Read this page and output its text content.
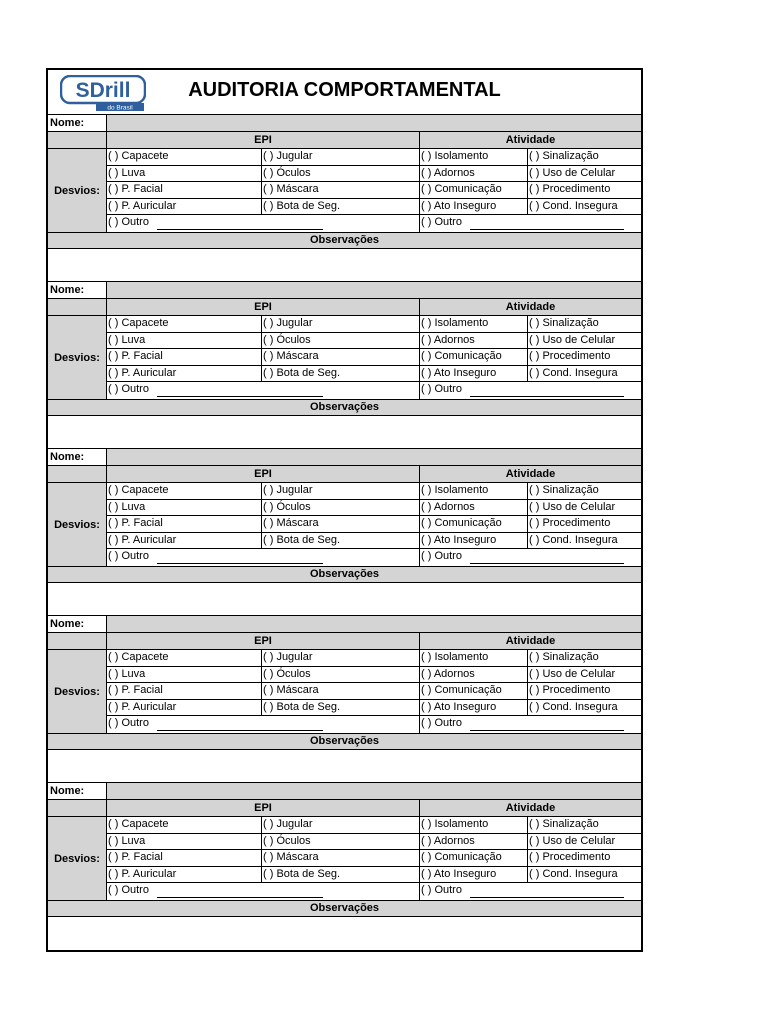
SDrill
do Brasil
AUDITORIA COMPORTAMENTAL
Nome:
EPI	Atividade
Desvios:
( ) Capacete	( ) Jugular	( ) Isolamento	( ) Sinalização
( ) Luva	( ) Óculos	( ) Adornos	( ) Uso de Celular
( ) P. Facial	( ) Máscara	( ) Comunicação	( ) Procedimento
( ) P. Auricular	( ) Bota de Seg.	( ) Ato Inseguro	( ) Cond. Insegura
( ) Outro	( ) Outro
Observações
Nome:
EPI	Atividade
Desvios:
( ) Capacete	( ) Jugular	( ) Isolamento	( ) Sinalização
( ) Luva	( ) Óculos	( ) Adornos	( ) Uso de Celular
( ) P. Facial	( ) Máscara	( ) Comunicação	( ) Procedimento
( ) P. Auricular	( ) Bota de Seg.	( ) Ato Inseguro	( ) Cond. Insegura
( ) Outro	( ) Outro
Observações
Nome:
EPI	Atividade
Desvios:
( ) Capacete	( ) Jugular	( ) Isolamento	( ) Sinalização
( ) Luva	( ) Óculos	( ) Adornos	( ) Uso de Celular
( ) P. Facial	( ) Máscara	( ) Comunicação	( ) Procedimento
( ) P. Auricular	( ) Bota de Seg.	( ) Ato Inseguro	( ) Cond. Insegura
( ) Outro	( ) Outro
Observações
Nome:
EPI	Atividade
Desvios:
( ) Capacete	( ) Jugular	( ) Isolamento	( ) Sinalização
( ) Luva	( ) Óculos	( ) Adornos	( ) Uso de Celular
( ) P. Facial	( ) Máscara	( ) Comunicação	( ) Procedimento
( ) P. Auricular	( ) Bota de Seg.	( ) Ato Inseguro	( ) Cond. Insegura
( ) Outro	( ) Outro
Observações
Nome:
EPI	Atividade
Desvios:
( ) Capacete	( ) Jugular	( ) Isolamento	( ) Sinalização
( ) Luva	( ) Óculos	( ) Adornos	( ) Uso de Celular
( ) P. Facial	( ) Máscara	( ) Comunicação	( ) Procedimento
( ) P. Auricular	( ) Bota de Seg.	( ) Ato Inseguro	( ) Cond. Insegura
( ) Outro	( ) Outro
Observações
